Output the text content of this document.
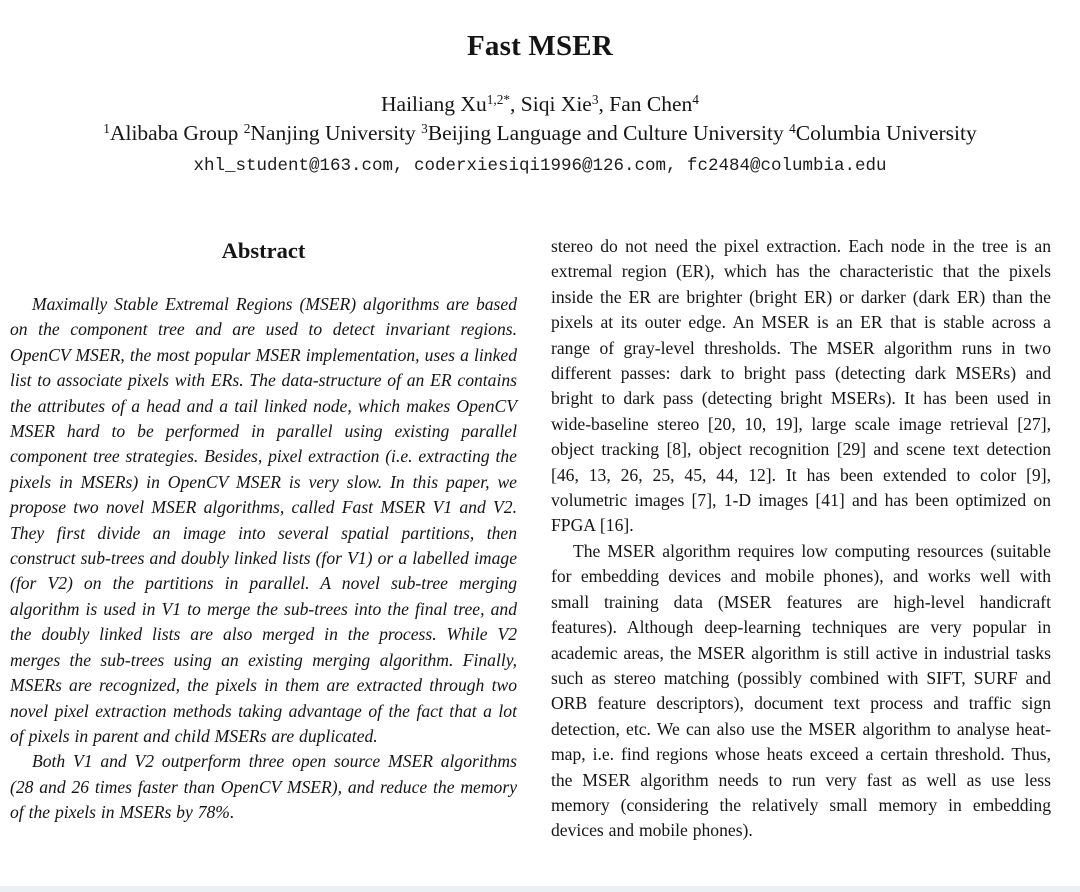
Fast MSER
Hailiang $Xu^{1,2*}$, Siqi Xie$^3$, Fan Chen$^4$
$^1$Alibaba Group $^2$Nanjing University $^3$Beijing Language and Culture University $^4$Columbia University
xhl_student@163.com, coderxiesiqi1996@126.com, fc2484@columbia.edu
Abstract

Maximally Stable Extremal Regions (MSER) algorithms are based on the component tree and are used to detect invariant regions. OpenCV MSER, the most popular MSER implementation, uses a linked list to associate pixels with ERs. The data-structure of an ER contains the attributes of a head and a tail linked node, which makes OpenCV MSER hard to be performed in parallel using existing parallel component tree strategies. Besides, pixel extraction (i.e. extracting the pixels in MSERs) in OpenCV MSER is very slow. In this paper, we propose two novel MSER algorithms, called Fast MSER V1 and V2. They first divide an image into several spatial partitions, then construct sub-trees and doubly linked lists (for V1) or a labelled image (for V2) on the partitions in parallel. A novel sub-tree merging algorithm is used in V1 to merge the sub-trees into the final tree, and the doubly linked lists are also merged in the process. While V2 merges the sub-trees using an existing merging algorithm. Finally, MSERs are recognized, the pixels in them are extracted through two novel pixel extraction methods taking advantage of the fact that a lot of pixels in parent and child MSERs are duplicated.

Both V1 and V2 outperform three open source MSER algorithms (28 and 26 times faster than OpenCV MSER), and reduce the memory of the pixels in MSERs by 78%.

stereo do not need the pixel extraction. Each node in the tree is an extremal region (ER), which has the characteristic that the pixels inside the ER are brighter (bright ER) or darker (dark ER) than the pixels at its outer edge. An MSER is an ER that is stable across a range of gray-level thresholds. The MSER algorithm runs in two different passes: dark to bright pass (detecting dark MSERs) and bright to dark pass (detecting bright MSERs). It has been used in wide-baseline stereo [20, 10, 19], large scale image retrieval [27], object tracking [8], object recognition [29] and scene text detection [46, 13, 26, 25, 45, 44, 12]. It has been extended to color [9], volumetric images [7], 1-D images [41] and has been optimized on FPGA [16].

The MSER algorithm requires low computing resources (suitable for embedding devices and mobile phones), and works well with small training data (MSER features are high-level handicraft features). Although deep-learning techniques are very popular in academic areas, the MSER algorithm is still active in industrial tasks such as stereo matching (possibly combined with SIFT, SURF and ORB feature descriptors), document text process and traffic sign detection, etc. We can also use the MSER algorithm to analyse heat-map, i.e. find regions whose heats exceed a certain threshold. Thus, the MSER algorithm needs to run very fast as well as use less memory (considering the relatively small memory in embedding devices and mobile phones).
